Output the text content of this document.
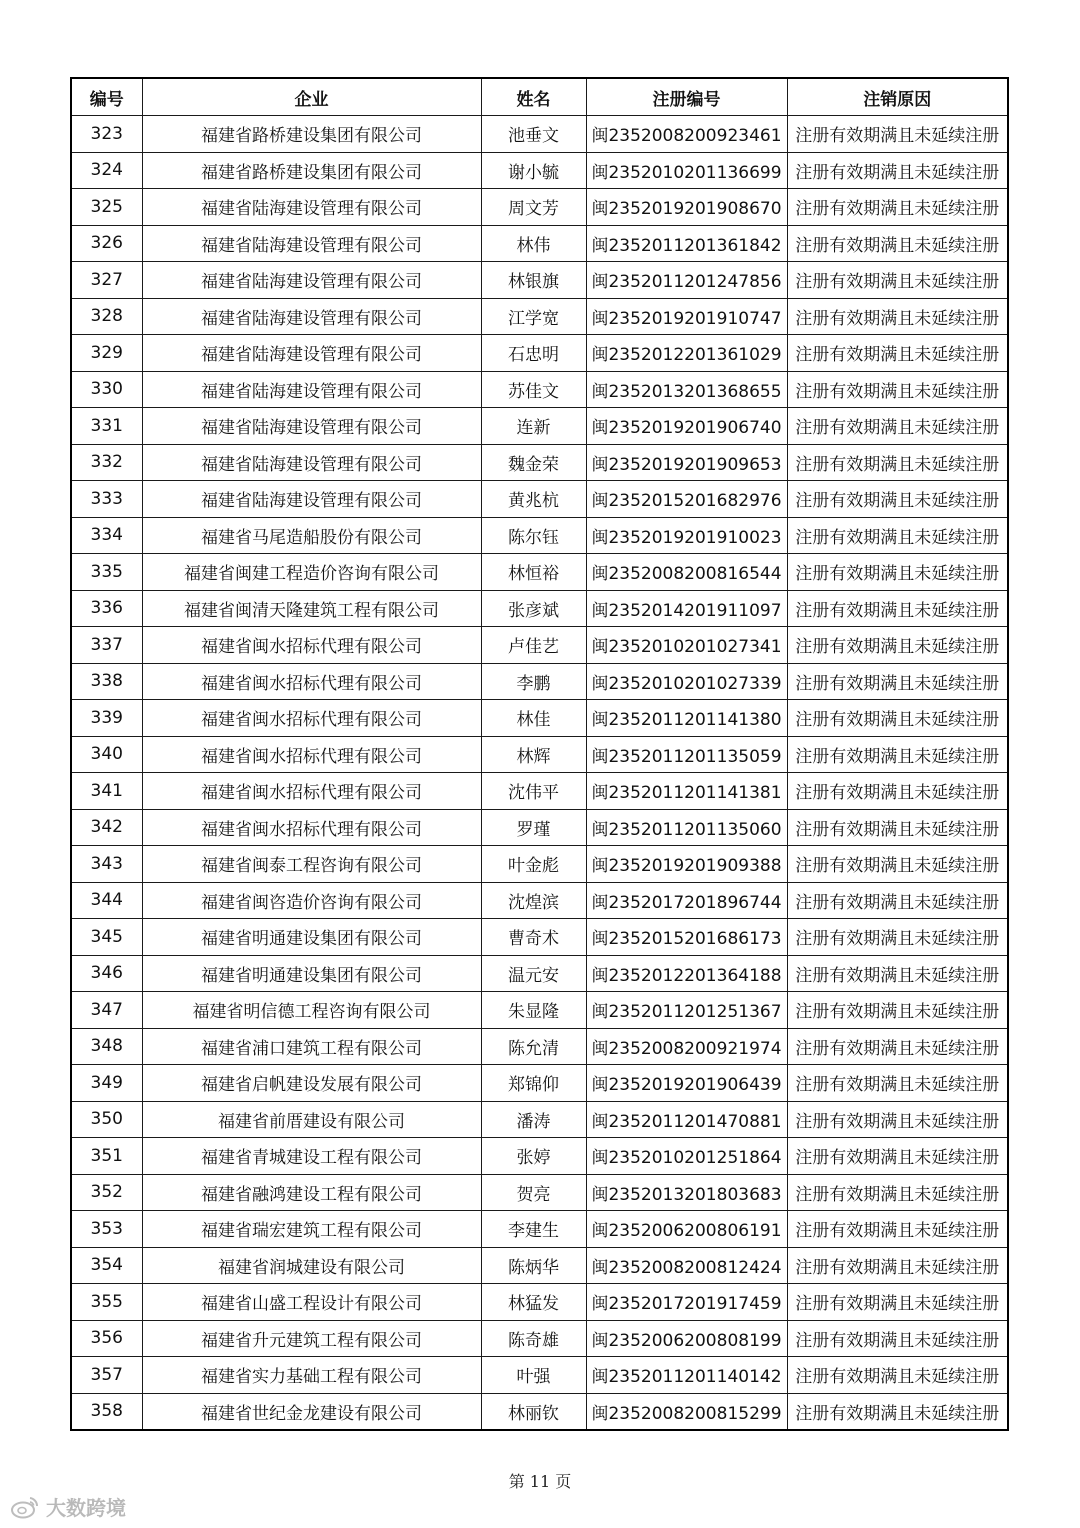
编号	企业	姓名	注册编号	注销原因
323	福建省路桥建设集团有限公司	池垂文	闽2352008200923461	注册有效期满且未延续注册
324	福建省路桥建设集团有限公司	谢小毓	闽2352010201136699	注册有效期满且未延续注册
325	福建省陆海建设管理有限公司	周文芳	闽2352019201908670	注册有效期满且未延续注册
326	福建省陆海建设管理有限公司	林伟	闽2352011201361842	注册有效期满且未延续注册
327	福建省陆海建设管理有限公司	林银旗	闽2352011201247856	注册有效期满且未延续注册
328	福建省陆海建设管理有限公司	江学宽	闽2352019201910747	注册有效期满且未延续注册
329	福建省陆海建设管理有限公司	石忠明	闽2352012201361029	注册有效期满且未延续注册
330	福建省陆海建设管理有限公司	苏佳文	闽2352013201368655	注册有效期满且未延续注册
331	福建省陆海建设管理有限公司	连新	闽2352019201906740	注册有效期满且未延续注册
332	福建省陆海建设管理有限公司	魏金荣	闽2352019201909653	注册有效期满且未延续注册
333	福建省陆海建设管理有限公司	黄兆杭	闽2352015201682976	注册有效期满且未延续注册
334	福建省马尾造船股份有限公司	陈尔钰	闽2352019201910023	注册有效期满且未延续注册
335	福建省闽建工程造价咨询有限公司	林恒裕	闽2352008200816544	注册有效期满且未延续注册
336	福建省闽清天隆建筑工程有限公司	张彦斌	闽2352014201911097	注册有效期满且未延续注册
337	福建省闽水招标代理有限公司	卢佳艺	闽2352010201027341	注册有效期满且未延续注册
338	福建省闽水招标代理有限公司	李鹏	闽2352010201027339	注册有效期满且未延续注册
339	福建省闽水招标代理有限公司	林佳	闽2352011201141380	注册有效期满且未延续注册
340	福建省闽水招标代理有限公司	林辉	闽2352011201135059	注册有效期满且未延续注册
341	福建省闽水招标代理有限公司	沈伟平	闽2352011201141381	注册有效期满且未延续注册
342	福建省闽水招标代理有限公司	罗瑾	闽2352011201135060	注册有效期满且未延续注册
343	福建省闽泰工程咨询有限公司	叶金彪	闽2352019201909388	注册有效期满且未延续注册
344	福建省闽咨造价咨询有限公司	沈煌滨	闽2352017201896744	注册有效期满且未延续注册
345	福建省明通建设集团有限公司	曹奇术	闽2352015201686173	注册有效期满且未延续注册
346	福建省明通建设集团有限公司	温元安	闽2352012201364188	注册有效期满且未延续注册
347	福建省明信德工程咨询有限公司	朱显隆	闽2352011201251367	注册有效期满且未延续注册
348	福建省浦口建筑工程有限公司	陈允清	闽2352008200921974	注册有效期满且未延续注册
349	福建省启帆建设发展有限公司	郑锦仰	闽2352019201906439	注册有效期满且未延续注册
350	福建省前厝建设有限公司	潘涛	闽2352011201470881	注册有效期满且未延续注册
351	福建省青城建设工程有限公司	张婷	闽2352010201251864	注册有效期满且未延续注册
352	福建省融鸿建设工程有限公司	贺亮	闽2352013201803683	注册有效期满且未延续注册
353	福建省瑞宏建筑工程有限公司	李建生	闽2352006200806191	注册有效期满且未延续注册
354	福建省润城建设有限公司	陈炳华	闽2352008200812424	注册有效期满且未延续注册
355	福建省山盛工程设计有限公司	林猛发	闽2352017201917459	注册有效期满且未延续注册
356	福建省升元建筑工程有限公司	陈奇雄	闽2352006200808199	注册有效期满且未延续注册
357	福建省实力基础工程有限公司	叶强	闽2352011201140142	注册有效期满且未延续注册
358	福建省世纪金龙建设有限公司	林丽钦	闽2352008200815299	注册有效期满且未延续注册
第 11 页
大数跨境
